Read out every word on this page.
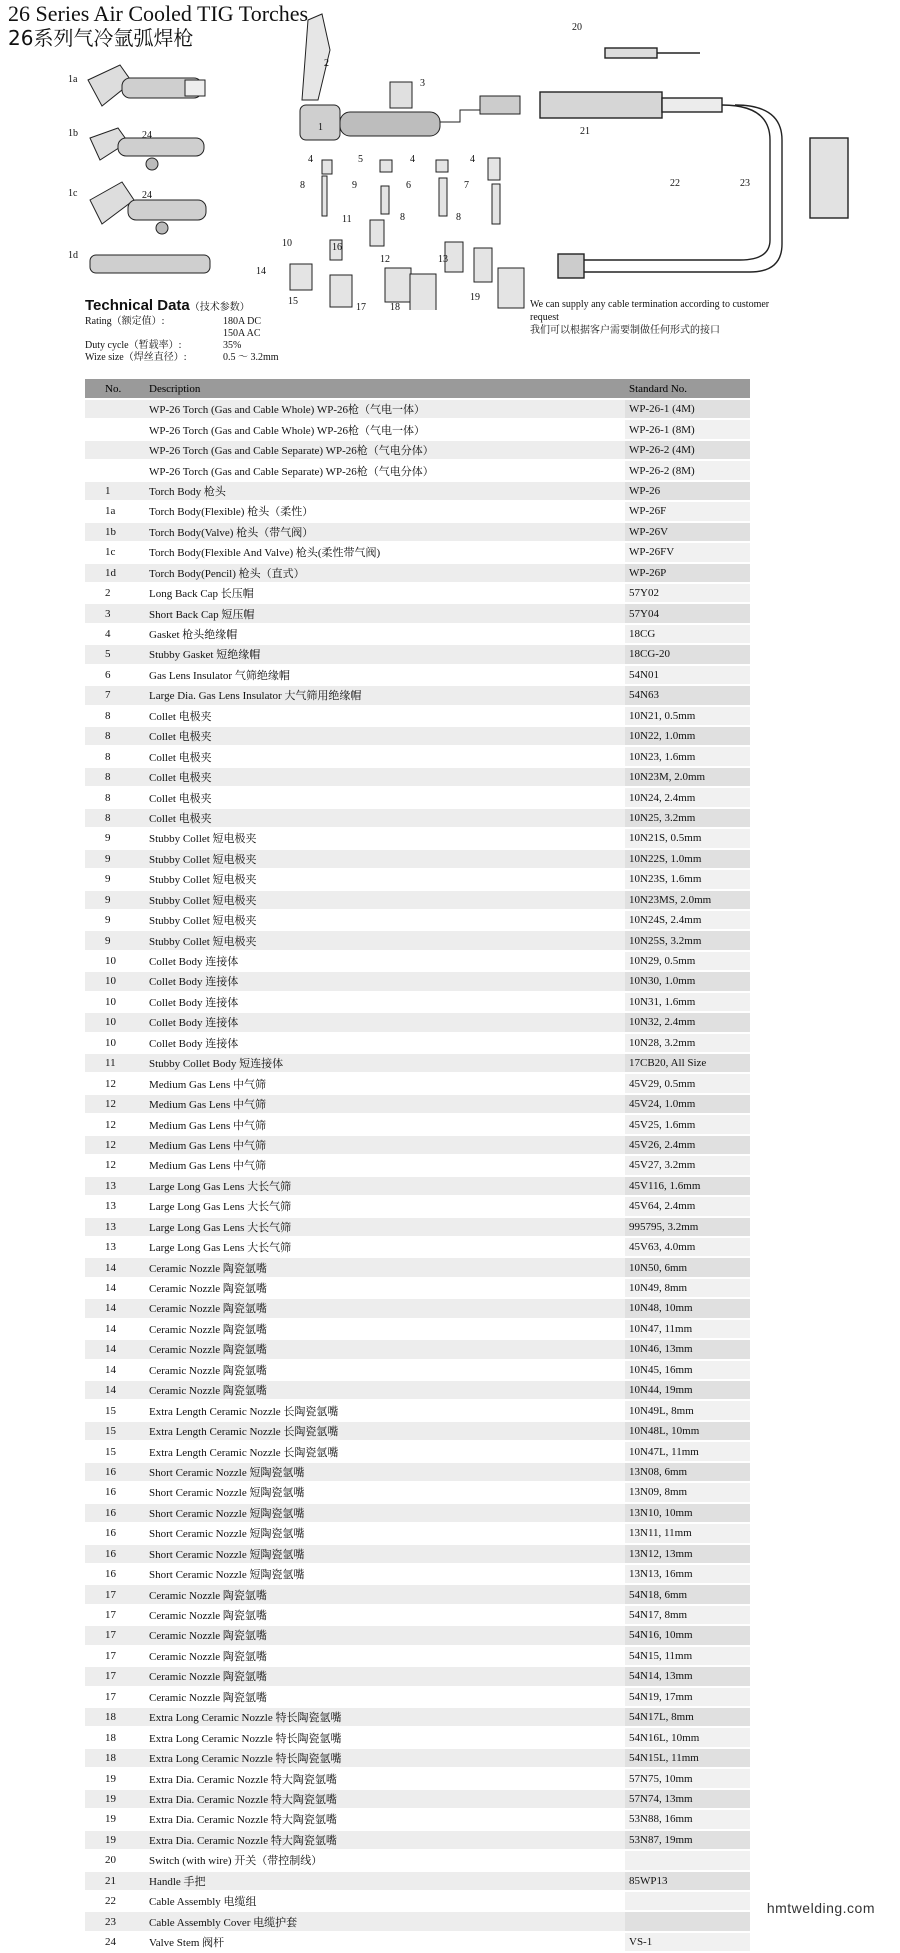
26 Series Air Cooled TIG Torches
26系列气冷氩弧焊枪
1a
1b
1c
1d
24
24
1
2
3
4	5	4	4
6	7
8	9
8	8
10
11
12	13
14
15
16
17 18
19
20
21
22	23
Technical Data（技术参数）
Rating（额定值）:	180A DC
150A AC
Duty cycle（暂载率）:	35%
Wize size（焊丝直径）:	0.5 ～ 3.2mm
We can supply any cable termination according to customer request
我们可以根据客户需要制做任何形式的接口
No.	Description	Standard No.
	WP-26 Torch (Gas and Cable Whole) WP-26枪（气电一体）	WP-26-1 (4M)
	WP-26 Torch (Gas and Cable Whole) WP-26枪（气电一体）	WP-26-1 (8M)
	WP-26 Torch (Gas and Cable Separate) WP-26枪（气电分体）	WP-26-2 (4M)
	WP-26 Torch (Gas and Cable Separate) WP-26枪（气电分体）	WP-26-2 (8M)
1	Torch Body 枪头	WP-26
1a	Torch Body(Flexible) 枪头（柔性）	WP-26F
1b	Torch Body(Valve) 枪头（带气阀）	WP-26V
1c	Torch Body(Flexible And Valve) 枪头(柔性带气阀)	WP-26FV
1d	Torch Body(Pencil) 枪头（直式）	WP-26P
2	Long Back Cap 长压帽	57Y02
3	Short Back Cap 短压帽	57Y04
4	Gasket 枪头绝缘帽	18CG
5	Stubby Gasket 短绝缘帽	18CG-20
6	Gas Lens Insulator 气筛绝缘帽	54N01
7	Large Dia. Gas Lens Insulator 大气筛用绝缘帽	54N63
8	Collet 电极夹	10N21, 0.5mm
8	Collet 电极夹	10N22, 1.0mm
8	Collet 电极夹	10N23, 1.6mm
8	Collet 电极夹	10N23M, 2.0mm
8	Collet 电极夹	10N24, 2.4mm
8	Collet 电极夹	10N25, 3.2mm
9	Stubby Collet 短电极夹	10N21S, 0.5mm
9	Stubby Collet 短电极夹	10N22S, 1.0mm
9	Stubby Collet 短电极夹	10N23S, 1.6mm
9	Stubby Collet 短电极夹	10N23MS, 2.0mm
9	Stubby Collet 短电极夹	10N24S, 2.4mm
9	Stubby Collet 短电极夹	10N25S, 3.2mm
10	Collet Body 连接体	10N29, 0.5mm
10	Collet Body 连接体	10N30, 1.0mm
10	Collet Body 连接体	10N31, 1.6mm
10	Collet Body 连接体	10N32, 2.4mm
10	Collet Body 连接体	10N28, 3.2mm
11	Stubby Collet Body 短连接体	17CB20, All Size
12	Medium Gas Lens 中气筛	45V29, 0.5mm
12	Medium Gas Lens 中气筛	45V24, 1.0mm
12	Medium Gas Lens 中气筛	45V25, 1.6mm
12	Medium Gas Lens 中气筛	45V26, 2.4mm
12	Medium Gas Lens 中气筛	45V27, 3.2mm
13	Large Long Gas Lens 大长气筛	45V116, 1.6mm
13	Large Long Gas Lens 大长气筛	45V64, 2.4mm
13	Large Long Gas Lens 大长气筛	995795, 3.2mm
13	Large Long Gas Lens 大长气筛	45V63, 4.0mm
14	Ceramic Nozzle 陶瓷氩嘴	10N50, 6mm
14	Ceramic Nozzle 陶瓷氩嘴	10N49, 8mm
14	Ceramic Nozzle 陶瓷氩嘴	10N48, 10mm
14	Ceramic Nozzle 陶瓷氩嘴	10N47, 11mm
14	Ceramic Nozzle 陶瓷氩嘴	10N46, 13mm
14	Ceramic Nozzle 陶瓷氩嘴	10N45, 16mm
14	Ceramic Nozzle 陶瓷氩嘴	10N44, 19mm
15	Extra Length Ceramic Nozzle 长陶瓷氩嘴	10N49L, 8mm
15	Extra Length Ceramic Nozzle 长陶瓷氩嘴	10N48L, 10mm
15	Extra Length Ceramic Nozzle 长陶瓷氩嘴	10N47L, 11mm
16	Short Ceramic Nozzle 短陶瓷氩嘴	13N08, 6mm
16	Short Ceramic Nozzle 短陶瓷氩嘴	13N09, 8mm
16	Short Ceramic Nozzle 短陶瓷氩嘴	13N10, 10mm
16	Short Ceramic Nozzle 短陶瓷氩嘴	13N11, 11mm
16	Short Ceramic Nozzle 短陶瓷氩嘴	13N12, 13mm
16	Short Ceramic Nozzle 短陶瓷氩嘴	13N13, 16mm
17	Ceramic Nozzle 陶瓷氩嘴	54N18, 6mm
17	Ceramic Nozzle 陶瓷氩嘴	54N17, 8mm
17	Ceramic Nozzle 陶瓷氩嘴	54N16, 10mm
17	Ceramic Nozzle 陶瓷氩嘴	54N15, 11mm
17	Ceramic Nozzle 陶瓷氩嘴	54N14, 13mm
17	Ceramic Nozzle 陶瓷氩嘴	54N19, 17mm
18	Extra Long Ceramic Nozzle 特长陶瓷氩嘴	54N17L, 8mm
18	Extra Long Ceramic Nozzle 特长陶瓷氩嘴	54N16L, 10mm
18	Extra Long Ceramic Nozzle 特长陶瓷氩嘴	54N15L, 11mm
19	Extra Dia. Ceramic Nozzle 特大陶瓷氩嘴	57N75, 10mm
19	Extra Dia. Ceramic Nozzle 特大陶瓷氩嘴	57N74, 13mm
19	Extra Dia. Ceramic Nozzle 特大陶瓷氩嘴	53N88, 16mm
19	Extra Dia. Ceramic Nozzle 特大陶瓷氩嘴	53N87, 19mm
20	Switch (with wire) 开关（带控制线）	
21	Handle 手把	85WP13
22	Cable Assembly 电缆组	
23	Cable Assembly Cover 电缆护套	
24	Valve Stem 阀杆	VS-1
hmtwelding.com
